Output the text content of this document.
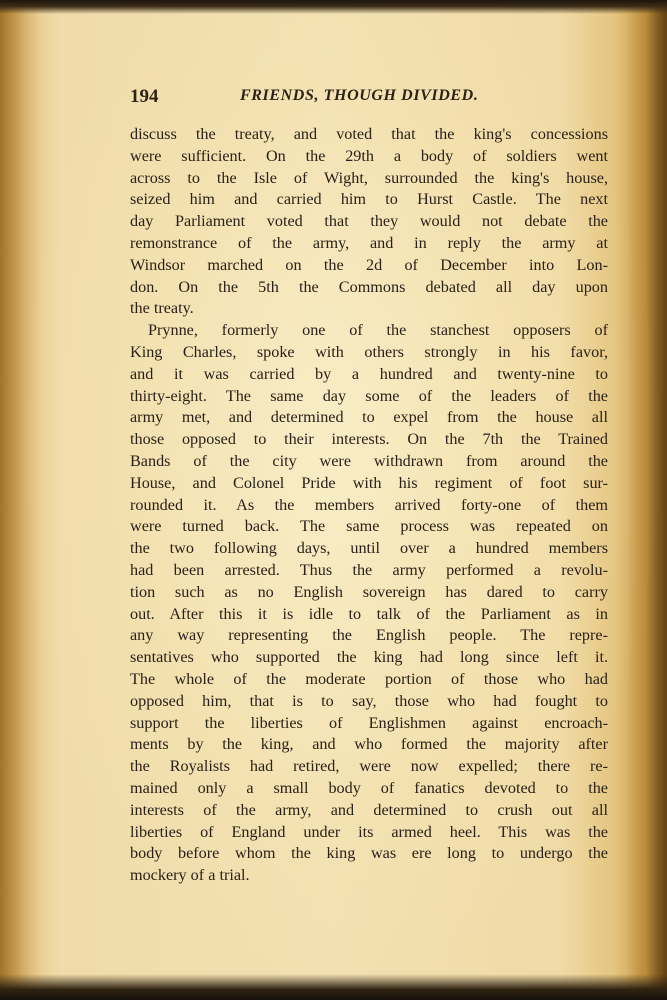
194	FRIENDS, THOUGH DIVIDED.
discuss the treaty, and voted that the king's concessions
were sufficient. On the 29th a body of soldiers went
across to the Isle of Wight, surrounded the king's house,
seized him and carried him to Hurst Castle. The next
day Parliament voted that they would not debate the
remonstrance of the army, and in reply the army at
Windsor marched on the 2d of December into Lon-
don. On the 5th the Commons debated all day upon
the treaty.
Prynne, formerly one of the stanchest opposers of
King Charles, spoke with others strongly in his favor,
and it was carried by a hundred and twenty-nine to
thirty-eight. The same day some of the leaders of the
army met, and determined to expel from the house all
those opposed to their interests. On the 7th the Trained
Bands of the city were withdrawn from around the
House, and Colonel Pride with his regiment of foot sur-
rounded it. As the members arrived forty-one of them
were turned back. The same process was repeated on
the two following days, until over a hundred members
had been arrested. Thus the army performed a revolu-
tion such as no English sovereign has dared to carry
out. After this it is idle to talk of the Parliament as in
any way representing the English people. The repre-
sentatives who supported the king had long since left it.
The whole of the moderate portion of those who had
opposed him, that is to say, those who had fought to
support the liberties of Englishmen against encroach-
ments by the king, and who formed the majority after
the Royalists had retired, were now expelled; there re-
mained only a small body of fanatics devoted to the
interests of the army, and determined to crush out all
liberties of England under its armed heel. This was the
body before whom the king was ere long to undergo the
mockery of a trial.
